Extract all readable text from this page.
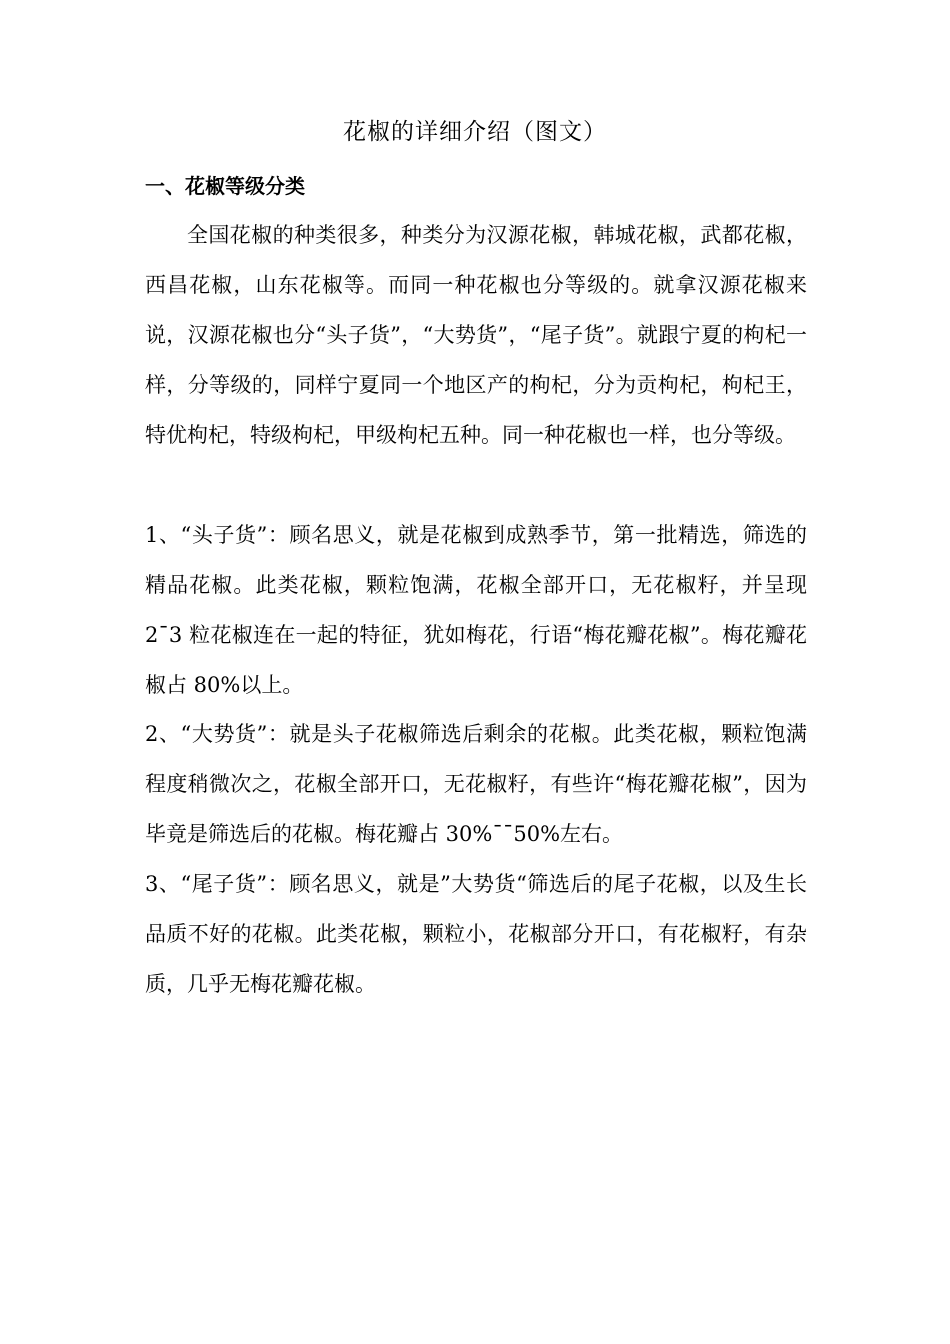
花椒的详细介绍（图文）
一、花椒等级分类

全国花椒的种类很多，种类分为汉源花椒，韩城花椒，武都花椒，西昌花椒，山东花椒等。而同一种花椒也分等级的。就拿汉源花椒来说，汉源花椒也分“头子货”，“大势货”，“尾子货”。就跟宁夏的枸杞一样，分等级的，同样宁夏同一个地区产的枸杞，分为贡枸杞，枸杞王，特优枸杞，特级枸杞，甲级枸杞五种。同一种花椒也一样，也分等级。

1、“头子货”：顾名思义，就是花椒到成熟季节，第一批精选，筛选的精品花椒。此类花椒，颗粒饱满，花椒全部开口，无花椒籽，并呈现 2¯3 粒花椒连在一起的特征，犹如梅花，行语“梅花瓣花椒”。梅花瓣花椒占 80%以上。

2、“大势货”：就是头子花椒筛选后剩余的花椒。此类花椒，颗粒饱满程度稍微次之，花椒全部开口，无花椒籽，有些许“梅花瓣花椒”，因为毕竟是筛选后的花椒。梅花瓣占 30%¯¯50%左右。

3、“尾子货”：顾名思义，就是”大势货“筛选后的尾子花椒，以及生长品质不好的花椒。此类花椒，颗粒小，花椒部分开口，有花椒籽，有杂质，几乎无梅花瓣花椒。
